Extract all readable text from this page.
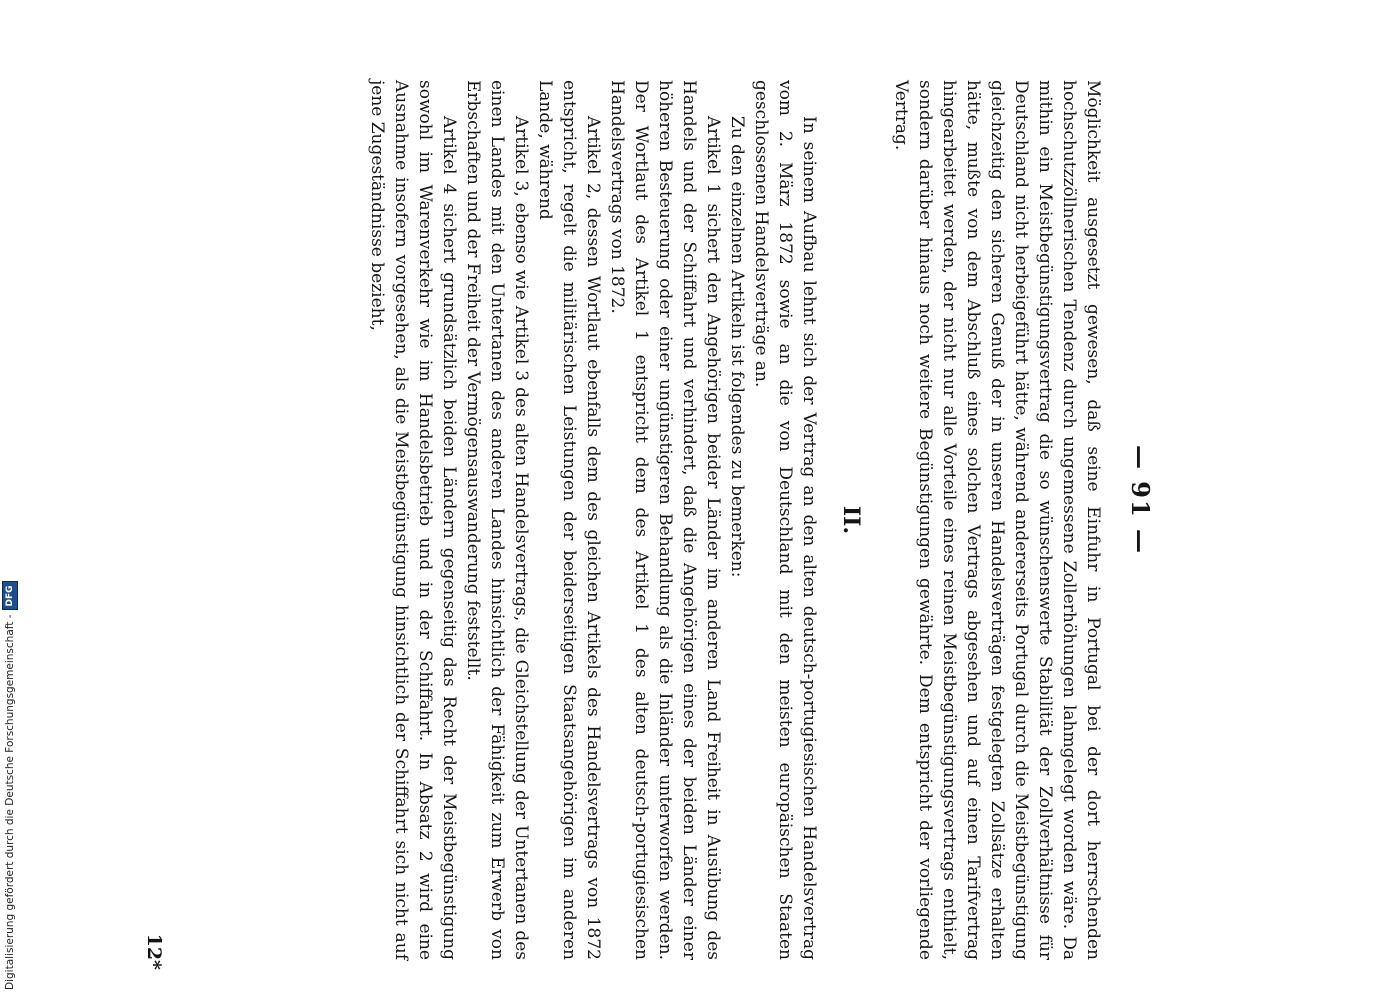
Digitalisierung gefördert durch die Deutsche Forschungsgemeinschaft -
DFG
— 91 —

Möglichkeit ausgesetzt gewesen, daß seine Einfuhr in Portugal bei der dort herrschenden hochschutzzöllnerischen Tendenz durch ungemessene Zollerhöhungen lahmgelegt worden wäre. Da mithin ein Meistbegünstigungsvertrag die so wünschenswerte Stabilität der Zollverhältnisse für Deutschland nicht herbeigeführt hätte, während andererseits Portugal durch die Meistbegünstigung gleichzeitig den sicheren Genuß der in unseren Handelsverträgen festgelegten Zollsätze erhalten hätte, mußte von dem Abschluß eines solchen Vertrags abgesehen und auf einen Tarifvertrag hingearbeitet werden, der nicht nur alle Vorteile eines reinen Meistbegünstigungsvertrags enthielt, sondern darüber hinaus noch weitere Begünstigungen gewährte. Dem entspricht der vorliegende Vertrag.

II.

In seinem Aufbau lehnt sich der Vertrag an den alten deutsch-portugiesischen Handelsvertrag vom 2. März 1872 sowie an die von Deutschland mit den meisten europäischen Staaten geschlossenen Handelsverträge an.

Zu den einzelnen Artikeln ist folgendes zu bemerken:

Artikel 1 sichert den Angehörigen beider Länder im anderen Land Freiheit in Ausübung des Handels und der Schiffahrt und verhindert, daß die Angehörigen eines der beiden Länder einer höheren Besteuerung oder einer ungünstigeren Behandlung als die Inländer unterworfen werden. Der Wortlaut des Artikel 1 entspricht dem des Artikel 1 des alten deutsch-portugiesischen Handelsvertrags von 1872.

Artikel 2, dessen Wortlaut ebenfalls dem des gleichen Artikels des Handelsvertrags von 1872 entspricht, regelt die militärischen Leistungen der beiderseitigen Staatsangehörigen im anderen Lande, während

Artikel 3, ebenso wie Artikel 3 des alten Handelsvertrags, die Gleichstellung der Untertanen des einen Landes mit den Untertanen des anderen Landes hinsichtlich der Fähigkeit zum Erwerb von Erbschaften und der Freiheit der Vermögensauswanderung feststellt.

Artikel 4 sichert grundsätzlich beiden Ländern gegenseitig das Recht der Meistbegünstigung sowohl im Warenverkehr wie im Handelsbetrieb und in der Schiffahrt. In Absatz 2 wird eine Ausnahme insofern vorgesehen, als die Meistbegünstigung hinsichtlich der Schiffahrt sich nicht auf jene Zugeständnisse bezieht,

12*
